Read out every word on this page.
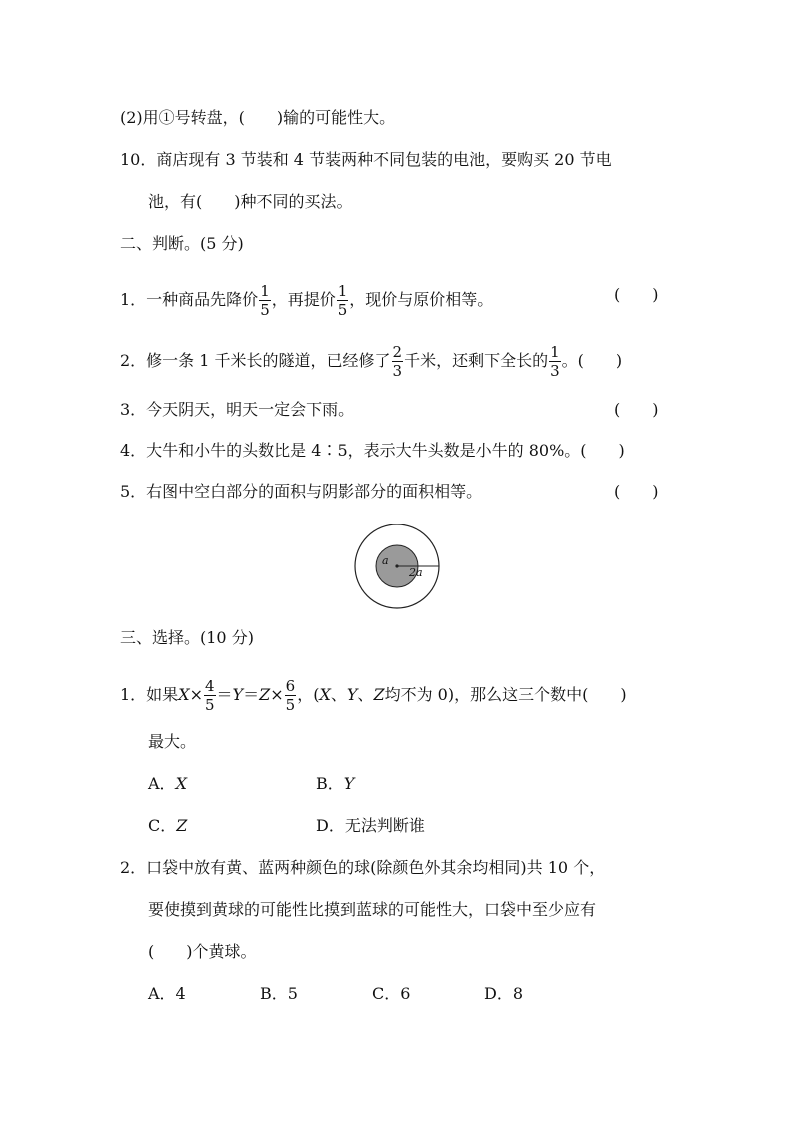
(2)用①号转盘，(　　)输的可能性大。
10．商店现有 3 节装和 4 节装两种不同包装的电池，要购买 20 节电
池，有(　　)种不同的买法。
二、判断。(5 分)
1．一种商品先降价 $\frac{1}{5}$ ，再提价 $\frac{1}{5}$ ，现价与原价相等。	(　　)
2．修一条 1 千米长的隧道，已经修了 $\frac{2}{3}$ 千米，还剩下全长的 $\frac{1}{3}$ 。(　　)
3．今天阴天，明天一定会下雨。	(　　)
4．大牛和小牛的头数比是 4∶5，表示大牛头数是小牛的 80%。(　　)
5．右图中空白部分的面积与阴影部分的面积相等。	(　　)
a
2a
三、选择。(10 分)
1．如果$X\times \frac{4}{5} =Y=Z\times \frac{6}{5}$ ，(X、Y、Z均不为 0)，那么这三个数中(　　)
最大。
A．X	B．Y
C．Z	D．无法判断谁
2．口袋中放有黄、蓝两种颜色的球(除颜色外其余均相同)共 10 个，
要使摸到黄球的可能性比摸到蓝球的可能性大，口袋中至少应有
(　　)个黄球。
A．4	B．5	C．6	D．8
